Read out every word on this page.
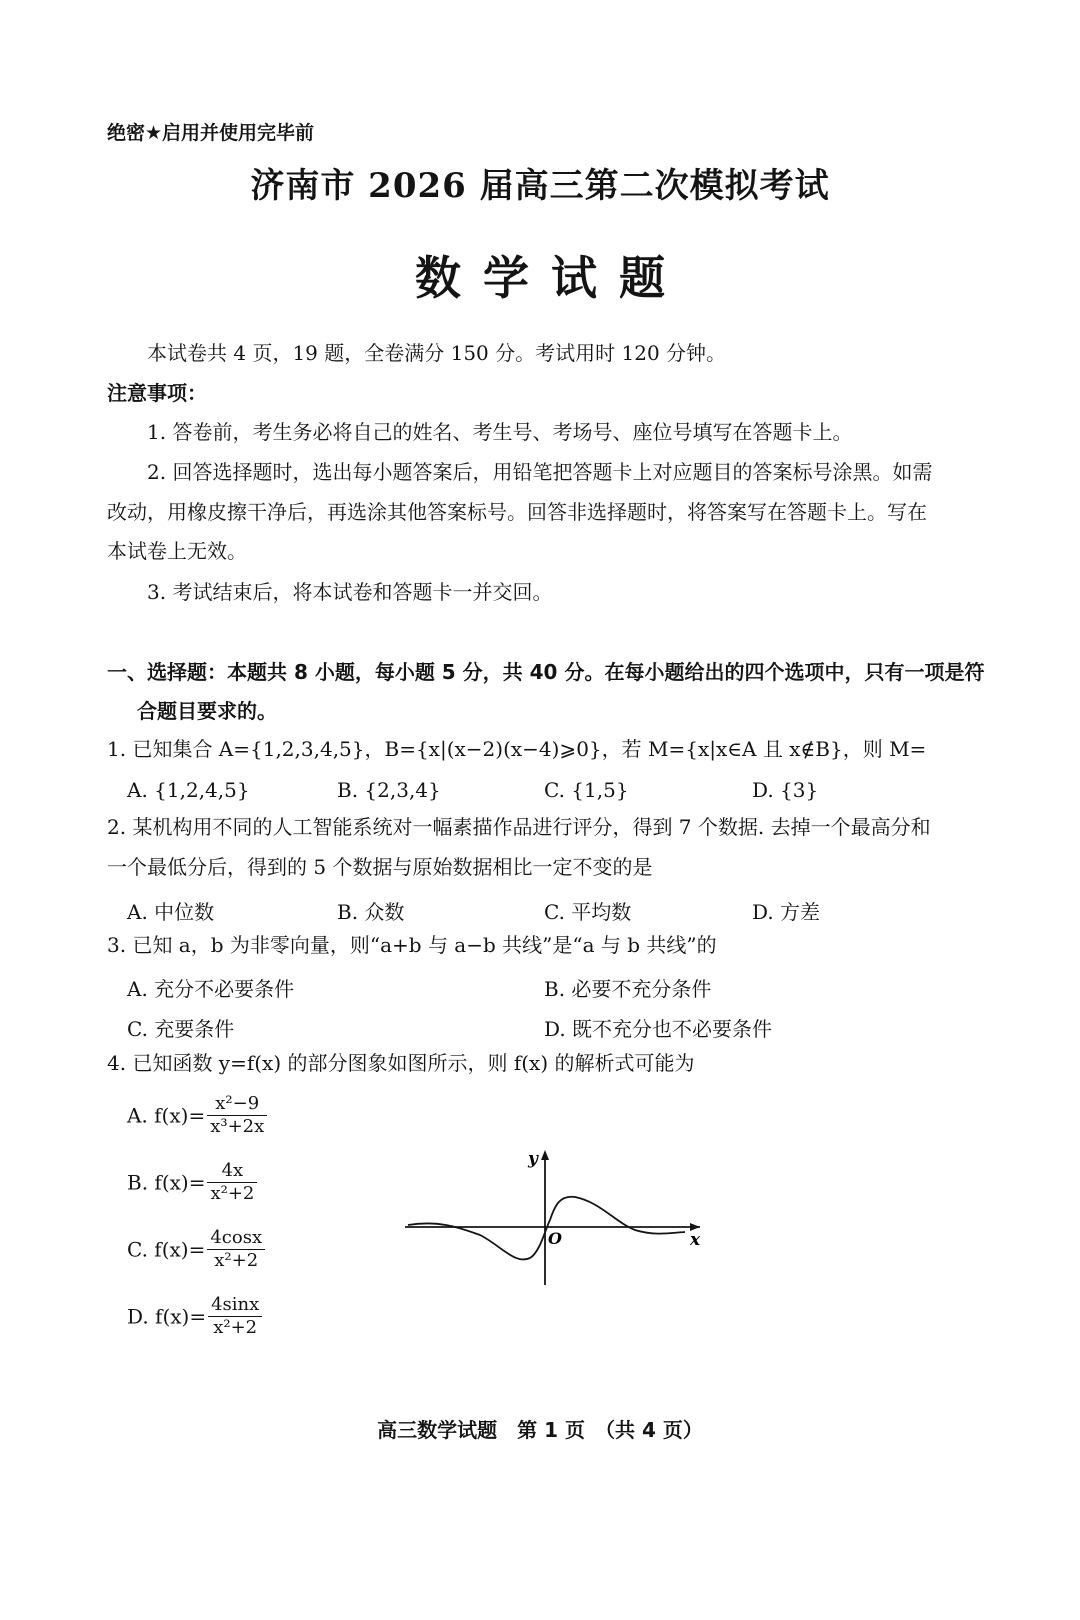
绝密★启用并使用完毕前
济南市 2026 届高三第二次模拟考试
数学试题
本试卷共 4 页，19 题，全卷满分 150 分。考试用时 120 分钟。
注意事项：
1. 答卷前，考生务必将自己的姓名、考生号、考场号、座位号填写在答题卡上。
2. 回答选择题时，选出每小题答案后，用铅笔把答题卡上对应题目的答案标号涂黑。如需
改动，用橡皮擦干净后，再选涂其他答案标号。回答非选择题时，将答案写在答题卡上。写在
本试卷上无效。
3. 考试结束后，将本试卷和答题卡一并交回。
一、选择题：本题共 8 小题，每小题 5 分，共 40 分。在每小题给出的四个选项中，只有一项是符
合题目要求的。
1. 已知集合 A={1,2,3,4,5}，B={x|(x−2)(x−4)⩾0}，若 M={x|x∈A 且 x∉B}，则 M=
A. {1,2,4,5}	B. {2,3,4}	C. {1,5}	D. {3}
2. 某机构用不同的人工智能系统对一幅素描作品进行评分，得到 7 个数据. 去掉一个最高分和
一个最低分后，得到的 5 个数据与原始数据相比一定不变的是
A. 中位数	B. 众数	C. 平均数	D. 方差
3. 已知 a，b 为非零向量，则“a+b 与 a−b 共线”是“a 与 b 共线”的
A. 充分不必要条件	B. 必要不充分条件
C. 充要条件	D. 既不充分也不必要条件
4. 已知函数 y=f(x) 的部分图象如图所示，则 f(x) 的解析式可能为
A. $f(x)= \frac{\text{x²−9}}{\text{x³+2x}}$
B. $f(x)= \frac{4x}{\text{x²+2}}$
C. $f(x)= \frac{4\cos x}{\text{x²+2}}$
D. $f(x)= \frac{4\sin x}{\text{x²+2}}$
y
x
O
高三数学试题　第 1 页　（共 4 页）
